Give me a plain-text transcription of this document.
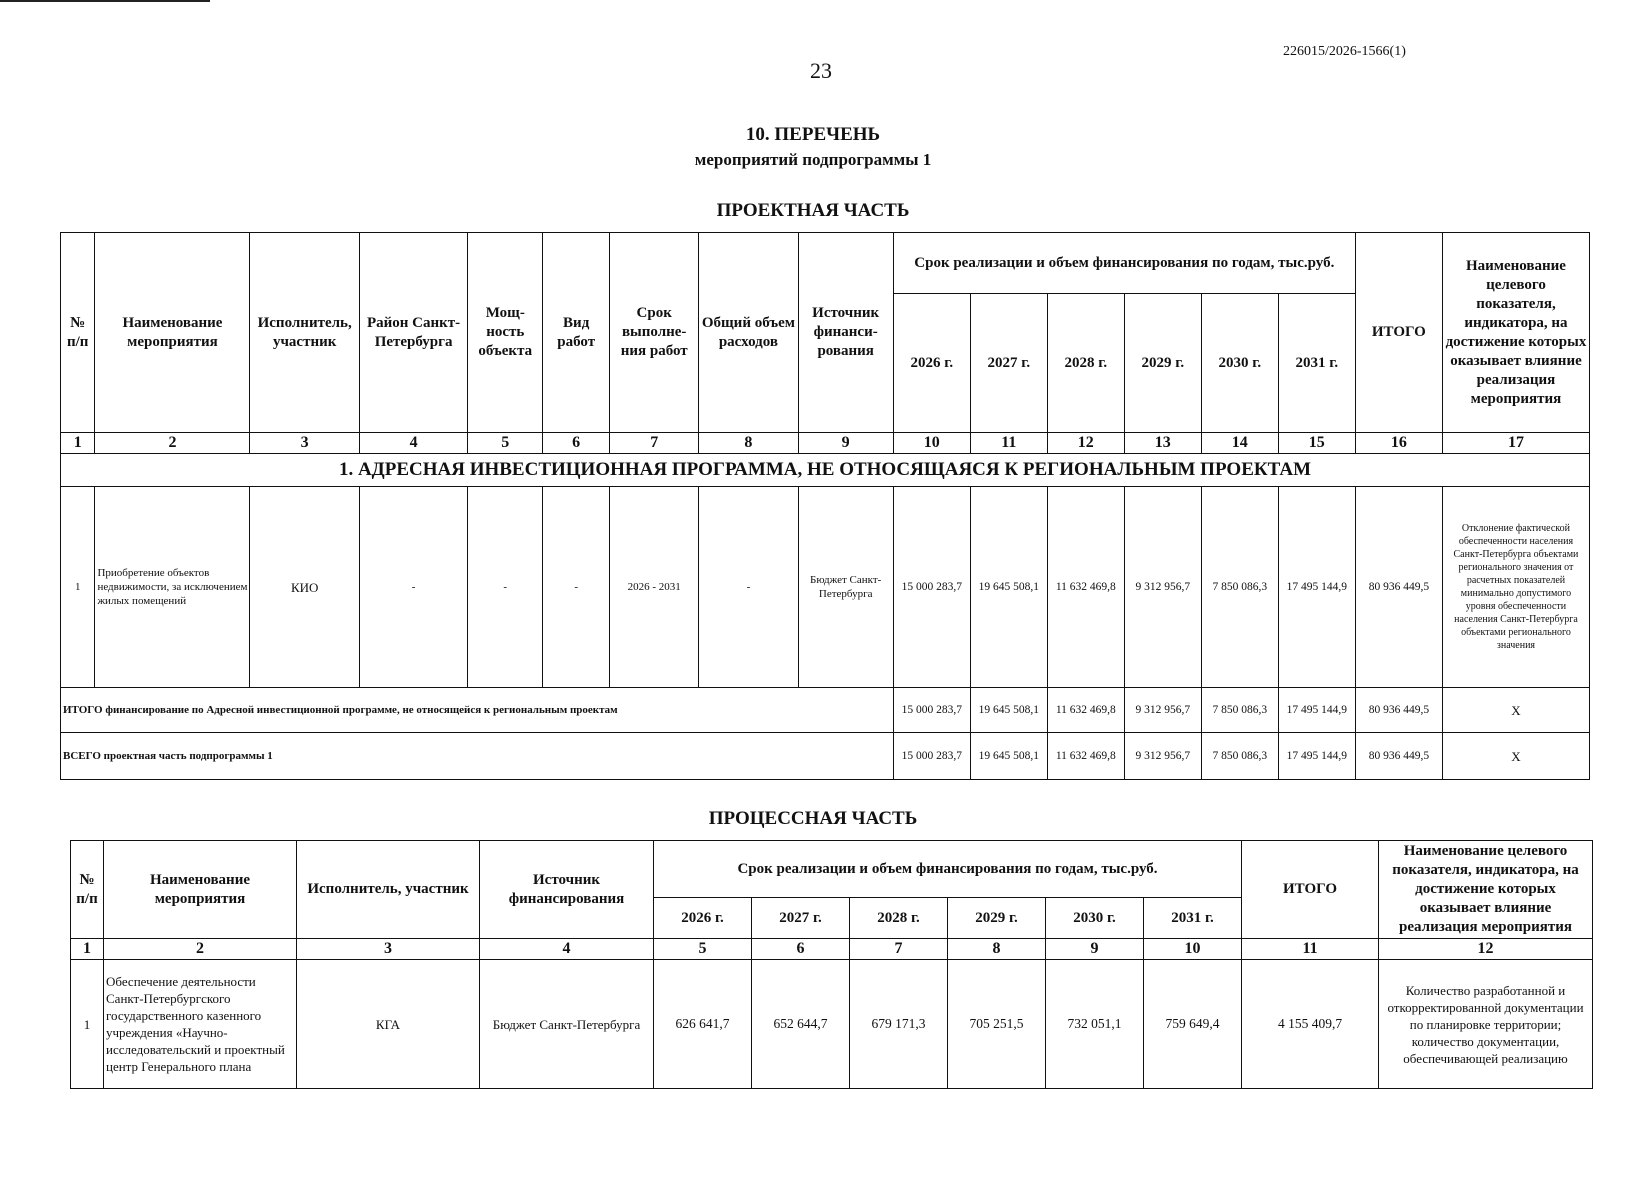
23
226015/2026-1566(1)
10. ПЕРЕЧЕНЬ
мероприятий подпрограммы 1
ПРОЕКТНАЯ ЧАСТЬ
№ п/п	Наименование мероприятия	Исполнитель, участник	Район Санкт-Петербурга	Мощ-ность объекта	Вид работ	Срок выполне-ния работ	Общий объем расходов	Источник финанси-рования	Срок реализации и объем финансирования по годам, тыс.руб.						ИТОГО	Наименование целевого показателя, индикатора, на достижение которых оказывает влияние реализация мероприятия
									2026 г.	2027 г.	2028 г.	2029 г.	2030 г.	2031 г.		
1	2	3	4	5	6	7	8	9	10	11	12	13	14	15	16	17
1. АДРЕСНАЯ ИНВЕСТИЦИОННАЯ ПРОГРАММА, НЕ ОТНОСЯЩАЯСЯ К РЕГИОНАЛЬНЫМ ПРОЕКТАМ																
1	Приобретение объектов недвижимости, за исключением жилых помещений	КИО	-	-	-	2026 - 2031	-	Бюджет Санкт-Петербурга	15 000 283,7	19 645 508,1	11 632 469,8	9 312 956,7	7 850 086,3	17 495 144,9	80 936 449,5	Отклонение фактической обеспеченности населения Санкт-Петербурга объектами регионального значения от расчетных показателей минимально допустимого уровня обеспеченности населения Санкт-Петербурга объектами регионального значения
ИТОГО финансирование по Адресной инвестиционной программе, не относящейся к региональным проектам									15 000 283,7	19 645 508,1	11 632 469,8	9 312 956,7	7 850 086,3	17 495 144,9	80 936 449,5	X
ВСЕГО проектная часть подпрограммы 1									15 000 283,7	19 645 508,1	11 632 469,8	9 312 956,7	7 850 086,3	17 495 144,9	80 936 449,5	X
ПРОЦЕССНАЯ ЧАСТЬ
№ п/п	Наименование мероприятия	Исполнитель, участник	Источник финансирования	Срок реализации и объем финансирования по годам, тыс.руб.						ИТОГО	Наименование целевого показателя, индикатора, на достижение которых оказывает влияние реализация мероприятия
				2026 г.	2027 г.	2028 г.	2029 г.	2030 г.	2031 г.		
1	2	3	4	5	6	7	8	9	10	11	12
1	Обеспечение деятельности Санкт-Петербургского государственного казенного учреждения «Научно-исследовательский и проектный центр Генерального плана	КГА	Бюджет Санкт-Петербурга	626 641,7	652 644,7	679 171,3	705 251,5	732 051,1	759 649,4	4 155 409,7	Количество разработанной и откорректированной документации по планировке территории; количество документации, обеспечивающей реализацию
